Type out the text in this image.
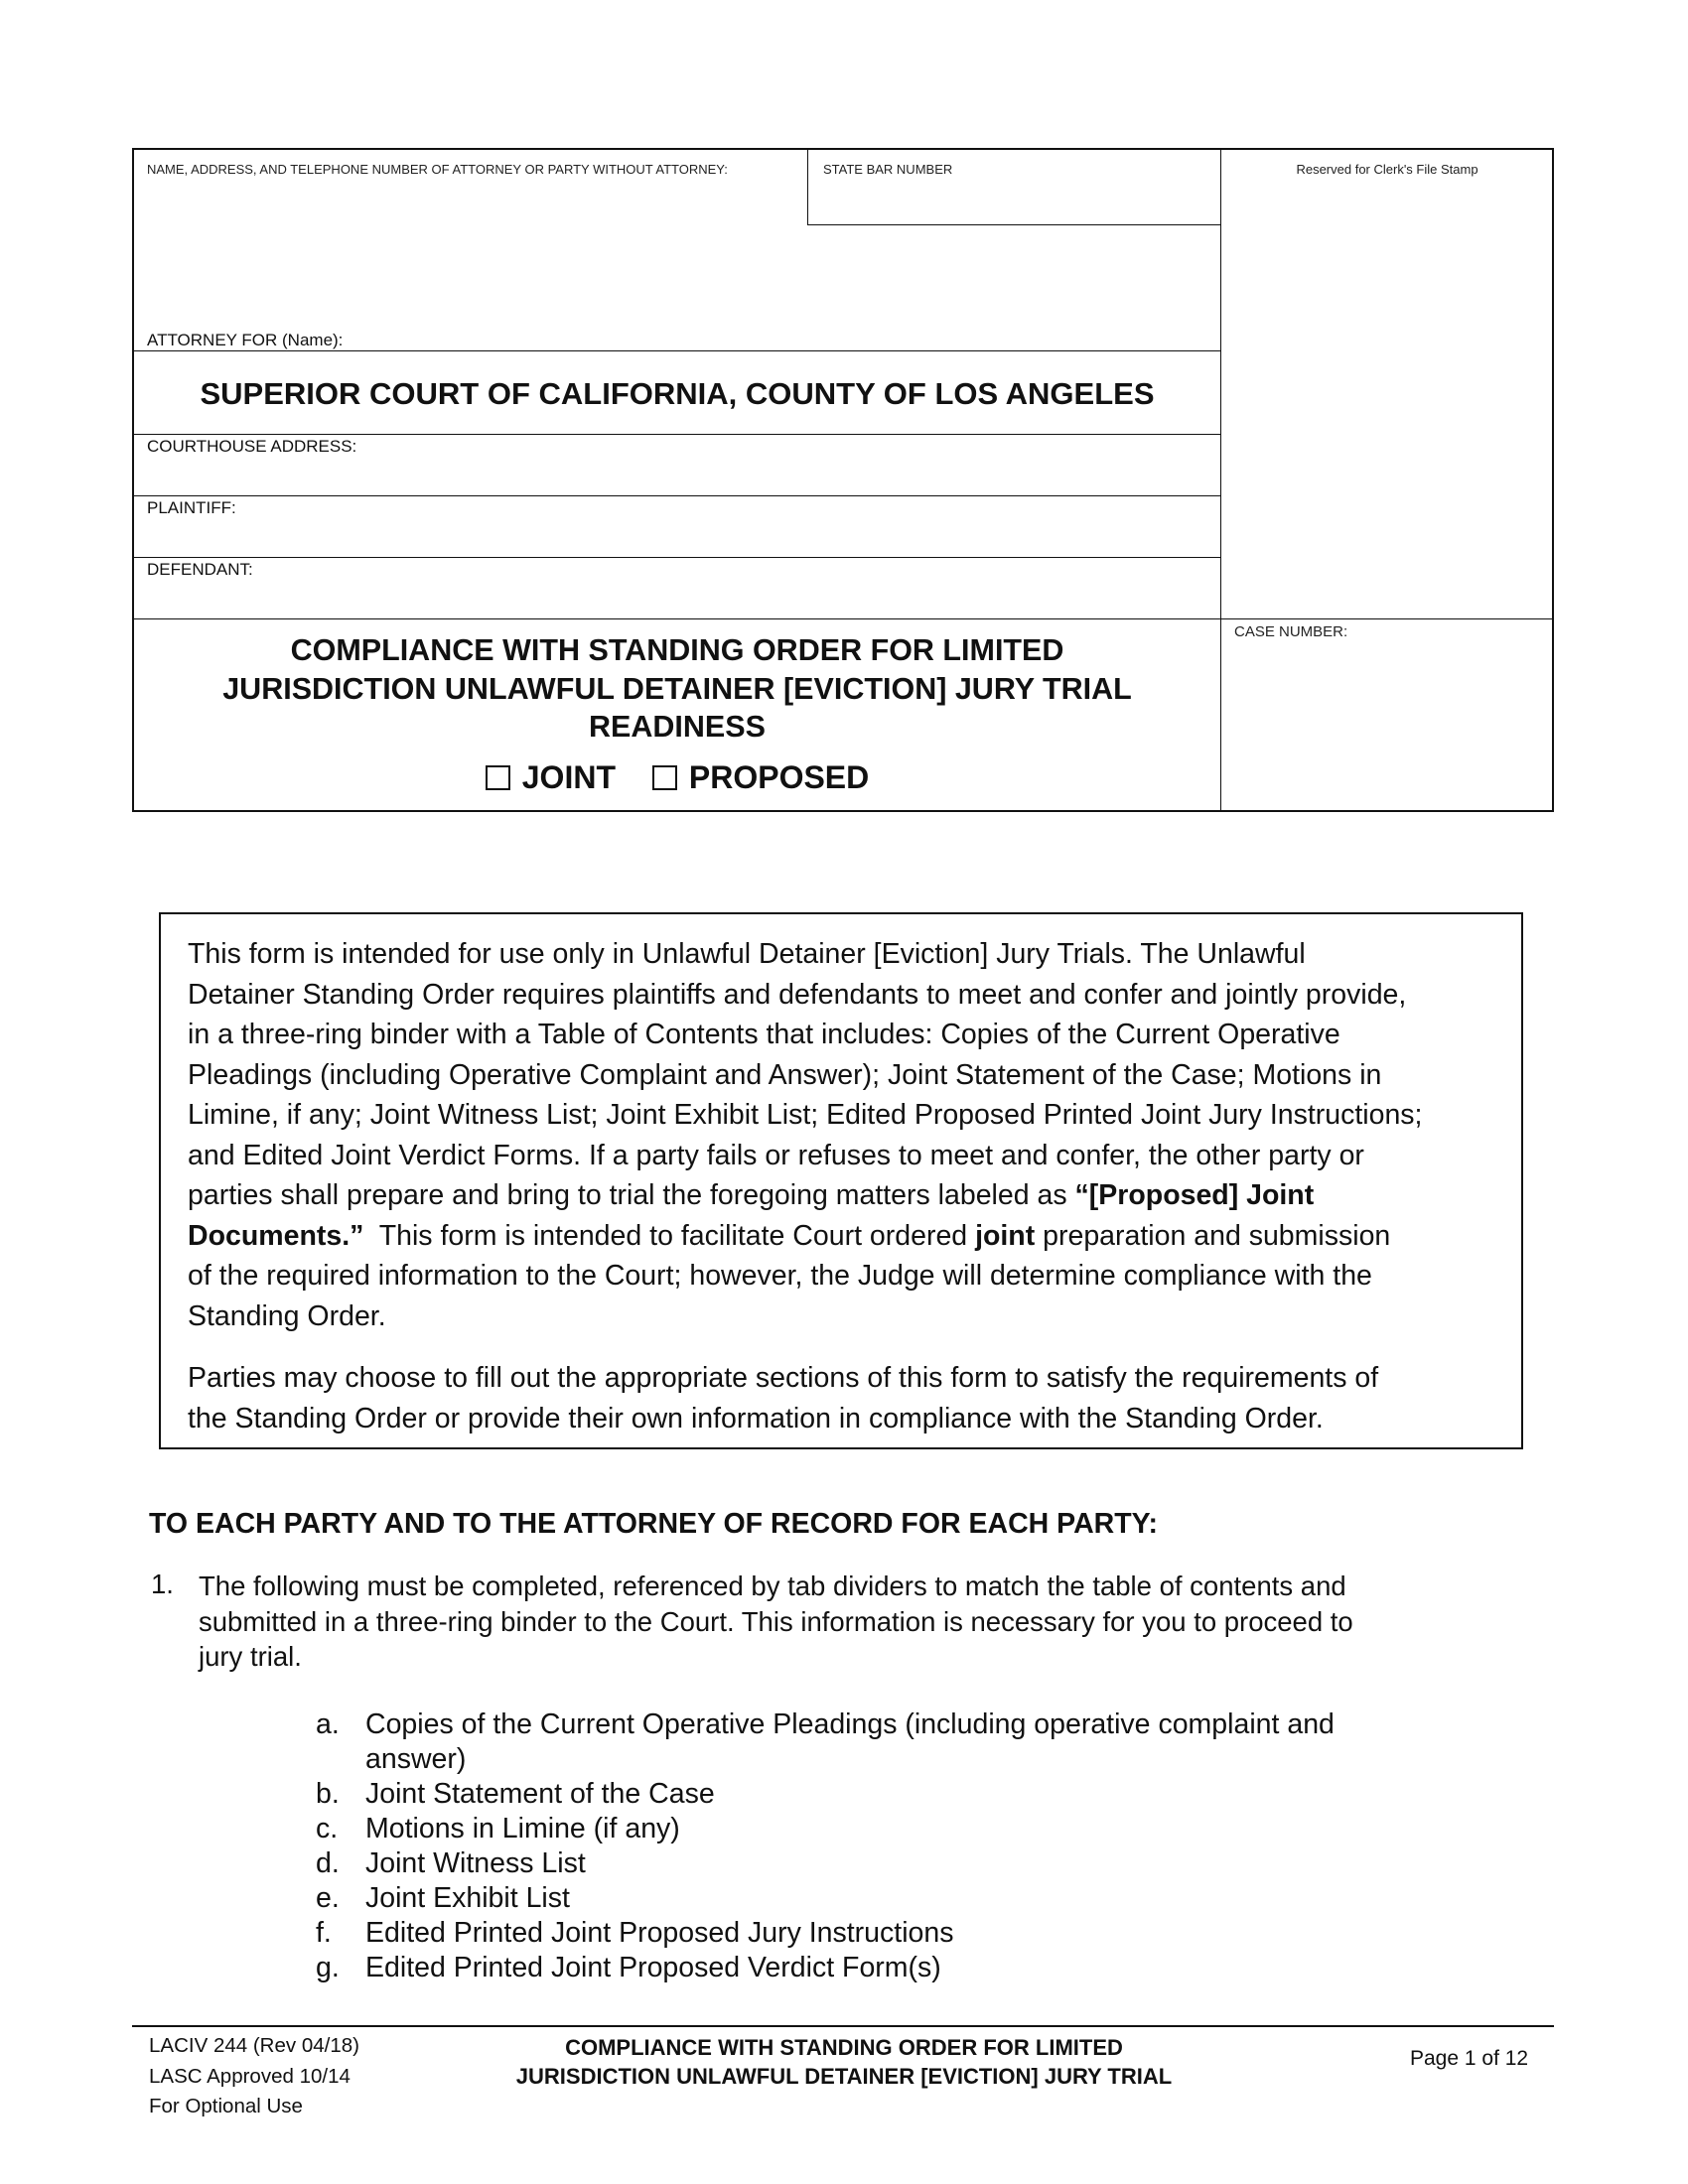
NAME, ADDRESS, AND TELEPHONE NUMBER OF ATTORNEY OR PARTY WITHOUT ATTORNEY:	STATE BAR NUMBER	Reserved for Clerk's File Stamp
ATTORNEY FOR (Name):
SUPERIOR COURT OF CALIFORNIA, COUNTY OF LOS ANGELES
COURTHOUSE ADDRESS:
PLAINTIFF:
DEFENDANT:
CASE NUMBER:
COMPLIANCE WITH STANDING ORDER FOR LIMITED
JURISDICTION UNLAWFUL DETAINER [EVICTION] JURY TRIAL
READINESS
JOINT
PROPOSED

This form is intended for use only in Unlawful Detainer [Eviction] Jury Trials. The Unlawful
Detainer Standing Order requires plaintiffs and defendants to meet and confer and jointly provide,
in a three-ring binder with a Table of Contents that includes: Copies of the Current Operative
Pleadings (including Operative Complaint and Answer); Joint Statement of the Case; Motions in
Limine, if any; Joint Witness List; Joint Exhibit List; Edited Proposed Printed Joint Jury Instructions;
and Edited Joint Verdict Forms. If a party fails or refuses to meet and confer, the other party or
parties shall prepare and bring to trial the foregoing matters labeled as “[Proposed] Joint
Documents.”  This form is intended to facilitate Court ordered joint preparation and submission
of the required information to the Court; however, the Judge will determine compliance with the
Standing Order.

Parties may choose to fill out the appropriate sections of this form to satisfy the requirements of
the Standing Order or provide their own information in compliance with the Standing Order.

TO EACH PARTY AND TO THE ATTORNEY OF RECORD FOR EACH PARTY:
1. The following must be completed, referenced by tab dividers to match the table of contents and
submitted in a three-ring binder to the Court. This information is necessary for you to proceed to
jury trial.
a. Copies of the Current Operative Pleadings (including operative complaint and
answer)
b. Joint Statement of the Case
c. Motions in Limine (if any)
d. Joint Witness List
e. Joint Exhibit List
f.	Edited Printed Joint Proposed Jury Instructions
g. Edited Printed Joint Proposed Verdict Form(s)
LACIV 244 (Rev 04/18)
LASC Approved 10/14
For Optional Use
COMPLIANCE WITH STANDING ORDER FOR LIMITED
JURISDICTION UNLAWFUL DETAINER [EVICTION] JURY TRIAL
Page 1 of 12
